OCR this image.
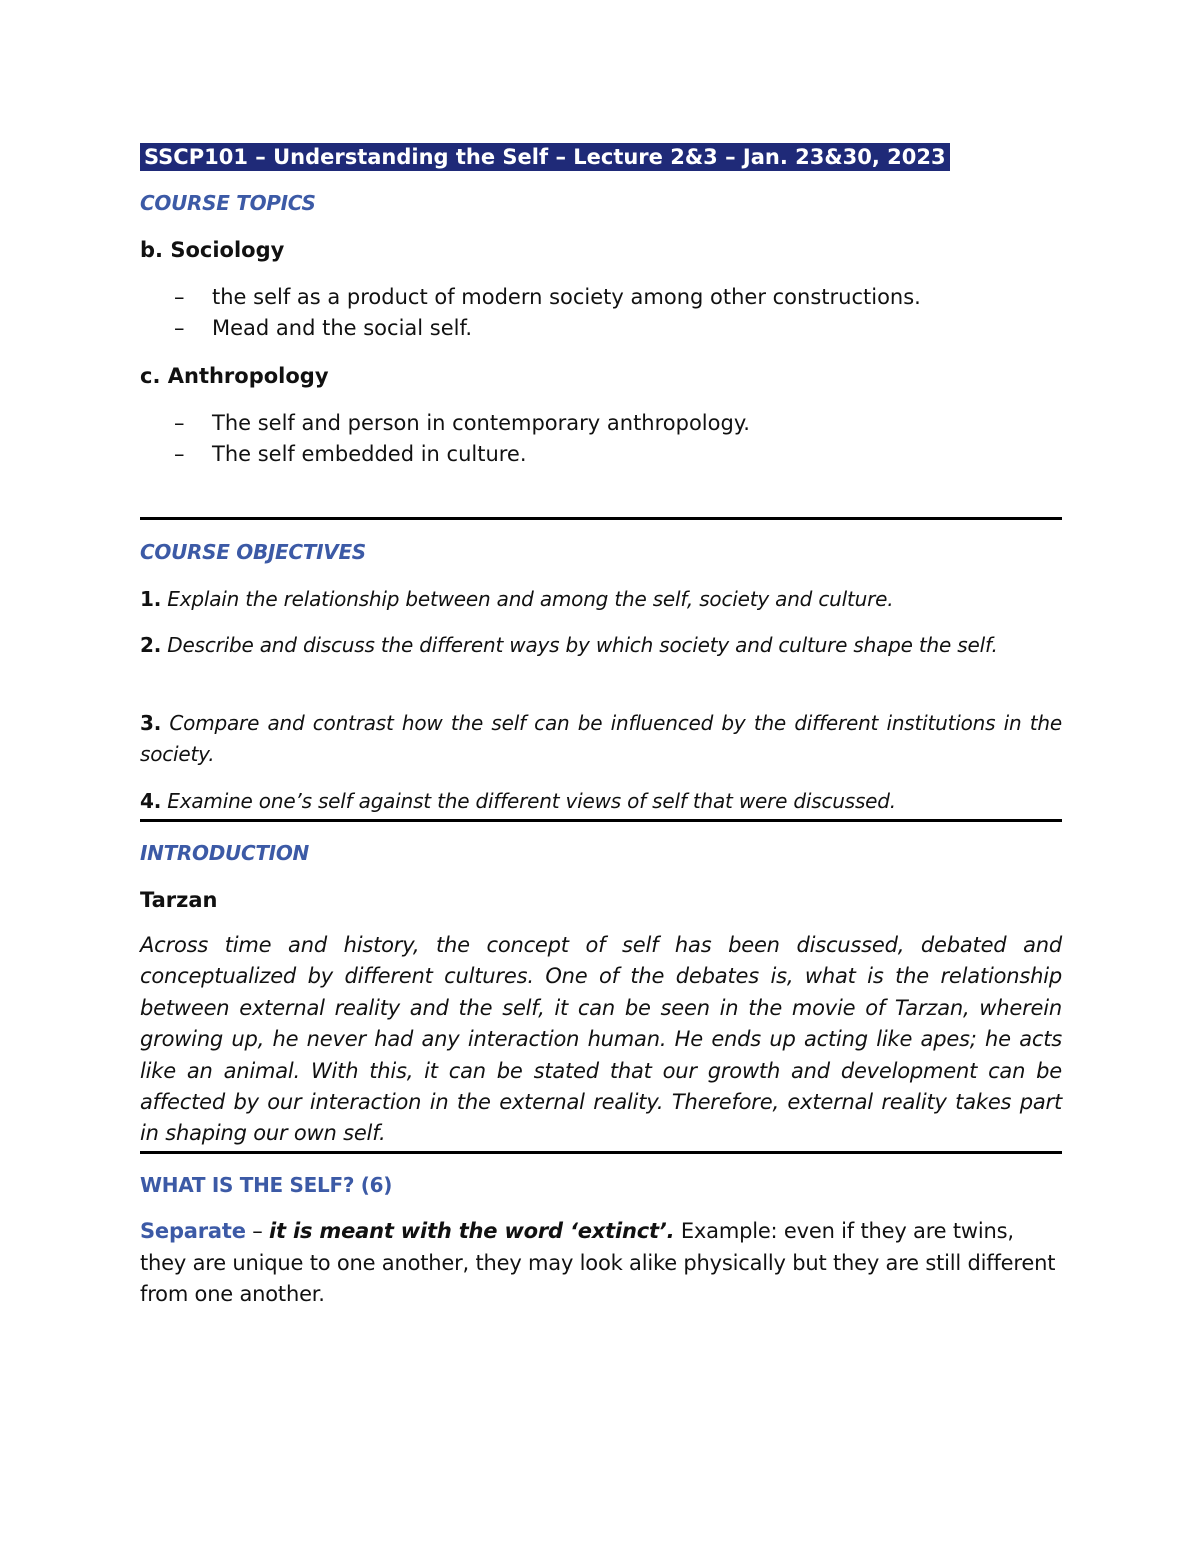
SSCP101 – Understanding the Self – Lecture 2&3 – Jan. 23&30, 2023
COURSE TOPICS
b. Sociology
– the self as a product of modern society among other constructions.
– Mead and the social self.
c. Anthropology
– The self and person in contemporary anthropology.
– The self embedded in culture.
COURSE OBJECTIVES
1. Explain the relationship between and among the self, society and culture.
2. Describe and discuss the different ways by which society and culture shape the self.
3. Compare and contrast how the self can be influenced by the different institutions in the society.
4. Examine one’s self against the different views of self that were discussed.
INTRODUCTION
Tarzan
Across time and history, the concept of self has been discussed, debated and conceptualized by different cultures. One of the debates is, what is the relationship between external reality and the self, it can be seen in the movie of Tarzan, wherein growing up, he never had any interaction human. He ends up acting like apes; he acts like an animal. With this, it can be stated that our growth and development can be affected by our interaction in the external reality. Therefore, external reality takes part in shaping our own self.
WHAT IS THE SELF? (6)
Separate – it is meant with the word ‘extinct’. Example: even if they are twins, they are unique to one another, they may look alike physically but they are still different from one another.
